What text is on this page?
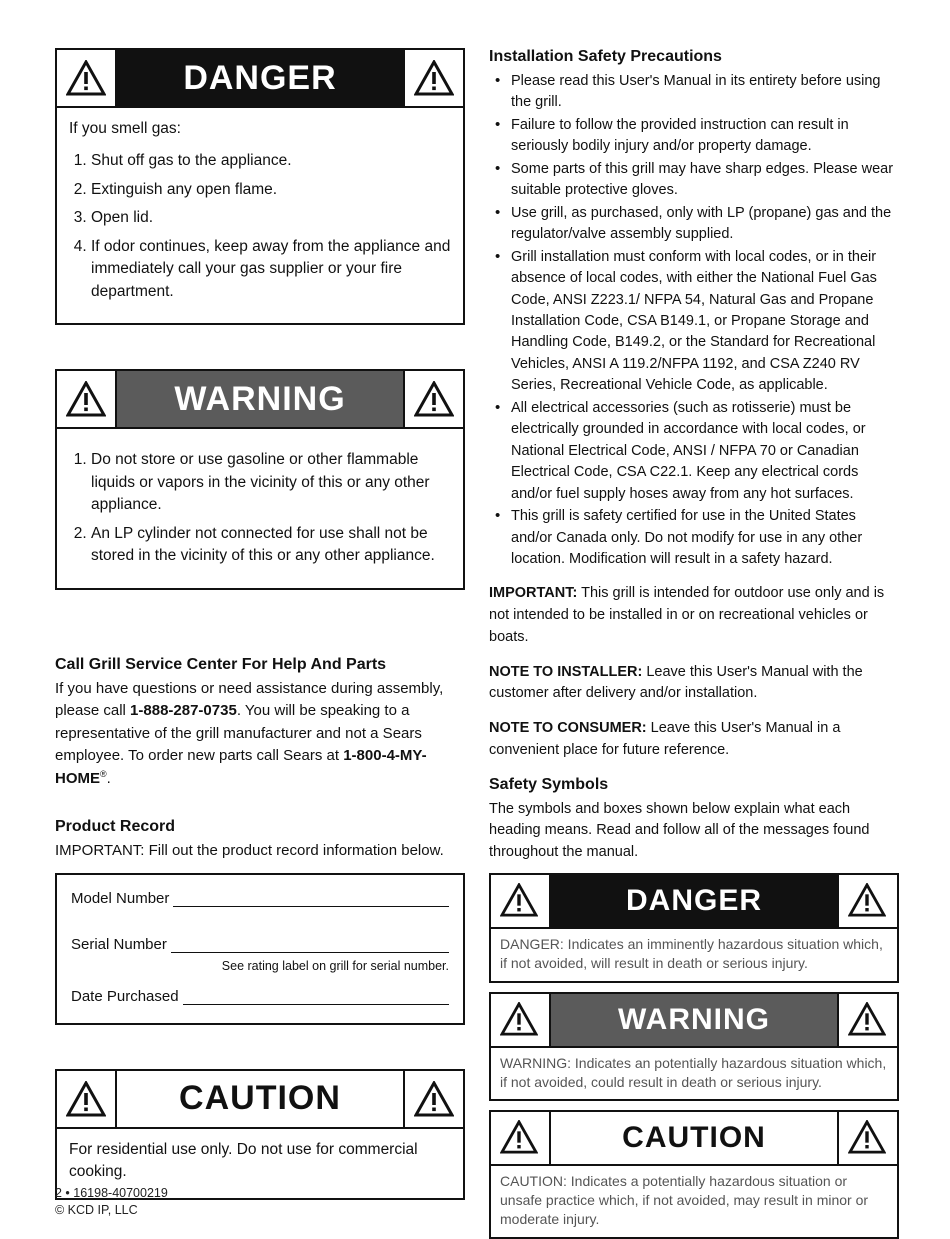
DANGER

If you smell gas:

1. Shut off gas to the appliance.
2. Extinguish any open flame.
3. Open lid.
4. If odor continues, keep away from the appliance and immediately call your gas supplier or your fire department.
WARNING
1. Do not store or use gasoline or other flammable liquids or vapors in the vicinity of this or any other appliance.
2. An LP cylinder not connected for use shall not be stored in the vicinity of this or any other appliance.
Call Grill Service Center For Help And Parts

If you have questions or need assistance during assembly, please call 1-888-287-0735. You will be speaking to a representative of the grill manufacturer and not a Sears employee. To order new parts call Sears at 1-800-4-MY-HOME®.

Product Record

IMPORTANT: Fill out the product record information below.

Model Number
Serial Number
See rating label on grill for serial number.
Date Purchased
CAUTION
For residential use only. Do not use for commercial cooking.
Installation Safety Precautions
• Please read this User's Manual in its entirety before using the grill.
• Failure to follow the provided instruction can result in seriously bodily injury and/or property damage.
• Some parts of this grill may have sharp edges. Please wear suitable protective gloves.
• Use grill, as purchased, only with LP (propane) gas and the regulator/valve assembly supplied.
• Grill installation must conform with local codes, or in their absence of local codes, with either the National Fuel Gas Code, ANSI Z223.1/ NFPA 54, Natural Gas and Propane Installation Code, CSA B149.1, or Propane Storage and Handling Code, B149.2, or the Standard for Recreational Vehicles, ANSI A 119.2/NFPA 1192, and CSA Z240 RV Series, Recreational Vehicle Code, as applicable.
• All electrical accessories (such as rotisserie) must be electrically grounded in accordance with local codes, or National Electrical Code, ANSI / NFPA 70 or Canadian Electrical Code, CSA C22.1. Keep any electrical cords and/or fuel supply hoses away from any hot surfaces.
• This grill is safety certified for use in the United States and/or Canada only. Do not modify for use in any other location. Modification will result in a safety hazard.

IMPORTANT: This grill is intended for outdoor use only and is not intended to be installed in or on recreational vehicles or boats.

NOTE TO INSTALLER: Leave this User's Manual with the customer after delivery and/or installation.

NOTE TO CONSUMER: Leave this User's Manual in a convenient place for future reference.

Safety Symbols

The symbols and boxes shown below explain what each heading means. Read and follow all of the messages found throughout the manual.

DANGER
DANGER: Indicates an imminently hazardous situation which, if not avoided, will result in death or serious injury.
WARNING
WARNING: Indicates an potentially hazardous situation which, if not avoided, could result in death or serious injury.
CAUTION
CAUTION: Indicates a potentially hazardous situation or unsafe practice which, if not avoided, may result in minor or moderate injury.
2 • 16198-40700219
© KCD IP, LLC
